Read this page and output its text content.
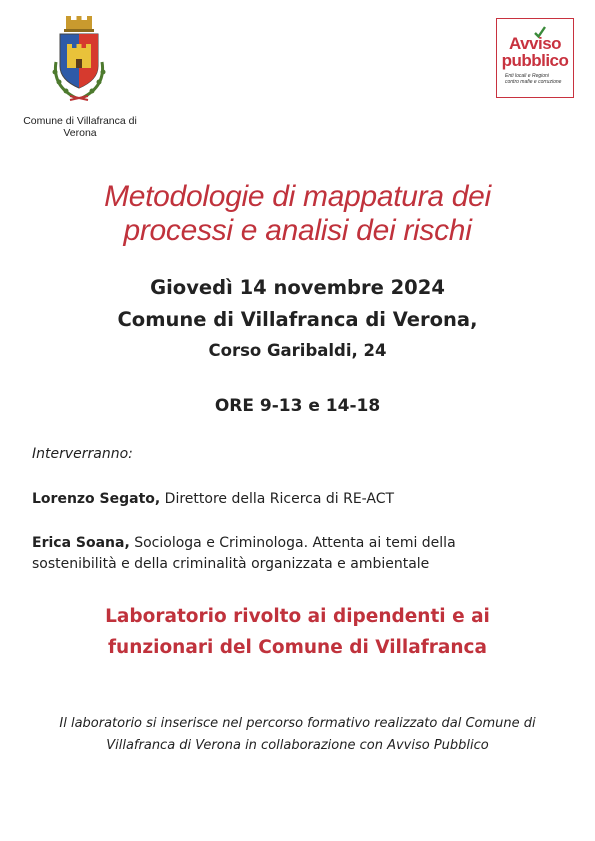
Comune di Villafranca di
Verona
Avviso
pubblico
Enti locali e Regioni
contro mafie e corruzione
Metodologie di mappatura dei
processi e analisi dei rischi
Giovedì 14 novembre 2024
Comune di Villafranca di Verona,
Corso Garibaldi, 24
ORE 9-13 e 14-18
Interverranno:
Lorenzo Segato, Direttore della Ricerca di RE-ACT
Erica Soana, Sociologa e Criminologa. Attenta ai temi della
sostenibilità e della criminalità organizzata e ambientale
Laboratorio rivolto ai dipendenti e ai
funzionari del Comune di Villafranca
Il laboratorio si inserisce nel percorso formativo realizzato dal Comune di
Villafranca di Verona in collaborazione con Avviso Pubblico
